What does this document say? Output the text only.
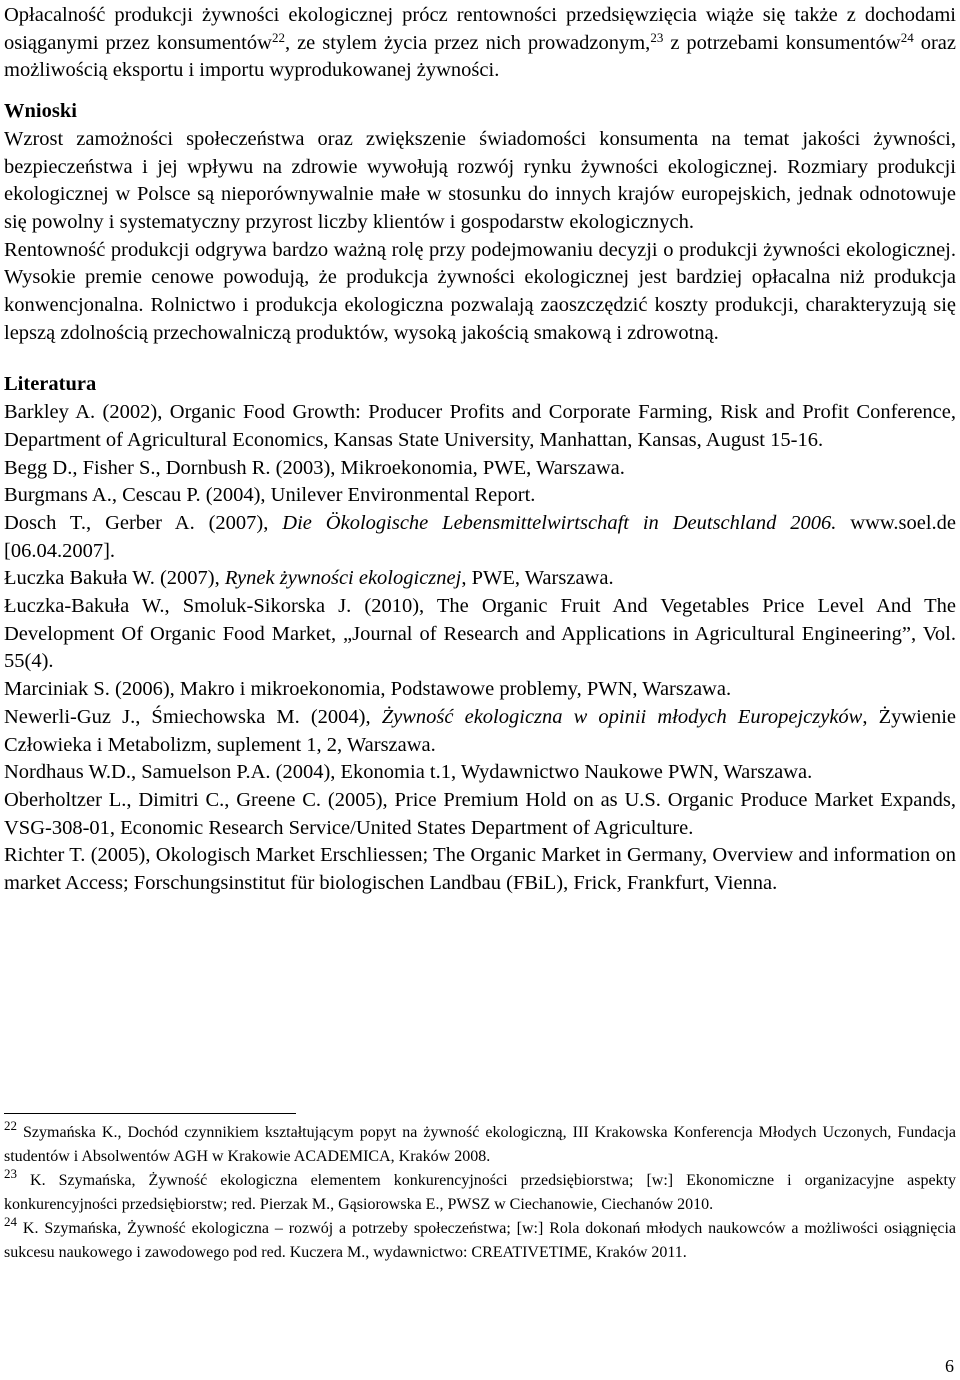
Opłacalność produkcji żywności ekologicznej prócz rentowności przedsięwzięcia wiąże się także z dochodami osiąganymi przez konsumentów$^{22}$, ze stylem życia przez nich prowadzonym,$^{23}$ z potrzebami konsumentów$^{24}$ oraz możliwością eksportu i importu wyprodukowanej żywności.

Wnioski

Wzrost zamożności społeczeństwa oraz zwiększenie świadomości konsumenta na temat jakości żywności, bezpieczeństwa i jej wpływu na zdrowie wywołują rozwój rynku żywności ekologicznej. Rozmiary produkcji ekologicznej w Polsce są nieporównywalnie małe w stosunku do innych krajów europejskich, jednak odnotowuje się powolny i systematyczny przyrost liczby klientów i gospodarstw ekologicznych.

Rentowność produkcji odgrywa bardzo ważną rolę przy podejmowaniu decyzji o produkcji żywności ekologicznej. Wysokie premie cenowe powodują, że produkcja żywności ekologicznej jest bardziej opłacalna niż produkcja konwencjonalna. Rolnictwo i produkcja ekologiczna pozwalają zaoszczędzić koszty produkcji, charakteryzują się lepszą zdolnością przechowalniczą produktów, wysoką jakością smakową i zdrowotną.

Literatura

Barkley A. (2002), Organic Food Growth: Producer Profits and Corporate Farming, Risk and Profit Conference, Department of Agricultural Economics, Kansas State University, Manhattan, Kansas, August 15-16.

Begg D., Fisher S., Dornbush R. (2003), Mikroekonomia, PWE, Warszawa.

Burgmans A., Cescau P. (2004), Unilever Environmental Report.

Dosch T., Gerber A. (2007), Die Ökologische Lebensmittelwirtschaft in Deutschland 2006. www.soel.de [06.04.2007].

Łuczka Bakuła W. (2007), Rynek żywności ekologicznej, PWE, Warszawa.

Łuczka-Bakuła W., Smoluk-Sikorska J. (2010), The Organic Fruit And Vegetables Price Level And The Development Of Organic Food Market, „Journal of Research and Applications in Agricultural Engineering”, Vol. 55(4).

Marciniak S. (2006), Makro i mikroekonomia, Podstawowe problemy, PWN, Warszawa.

Newerli-Guz J., Śmiechowska M. (2004), Żywność ekologiczna w opinii młodych Europejczyków, Żywienie Człowieka i Metabolizm, suplement 1, 2, Warszawa.

Nordhaus W.D., Samuelson P.A. (2004), Ekonomia t.1, Wydawnictwo Naukowe PWN, Warszawa.

Oberholtzer L., Dimitri C., Greene C. (2005), Price Premium Hold on as U.S. Organic Produce Market Expands, VSG-308-01, Economic Research Service/United States Department of Agriculture.

Richter T. (2005), Okologisch Market Erschliessen; The Organic Market in Germany, Overview and information on market Access; Forschungsinstitut für biologischen Landbau (FBiL), Frick, Frankfurt, Vienna.

$^{22}$ Szymańska K., Dochód czynnikiem kształtującym popyt na żywność ekologiczną, III Krakowska Konferencja Młodych Uczonych, Fundacja studentów i Absolwentów AGH w Krakowie ACADEMICA, Kraków 2008.

$^{23}$ K. Szymańska, Żywność ekologiczna elementem konkurencyjności przedsiębiorstwa; [w:] Ekonomiczne i organizacyjne aspekty konkurencyjności przedsiębiorstw; red. Pierzak M., Gąsiorowska E., PWSZ w Ciechanowie, Ciechanów 2010.

$^{24}$ K. Szymańska, Żywność ekologiczna – rozwój a potrzeby społeczeństwa; [w:] Rola dokonań młodych naukowców a możliwości osiągnięcia sukcesu naukowego i zawodowego pod red. Kuczera M., wydawnictwo: CREATIVETIME, Kraków 2011.

6
